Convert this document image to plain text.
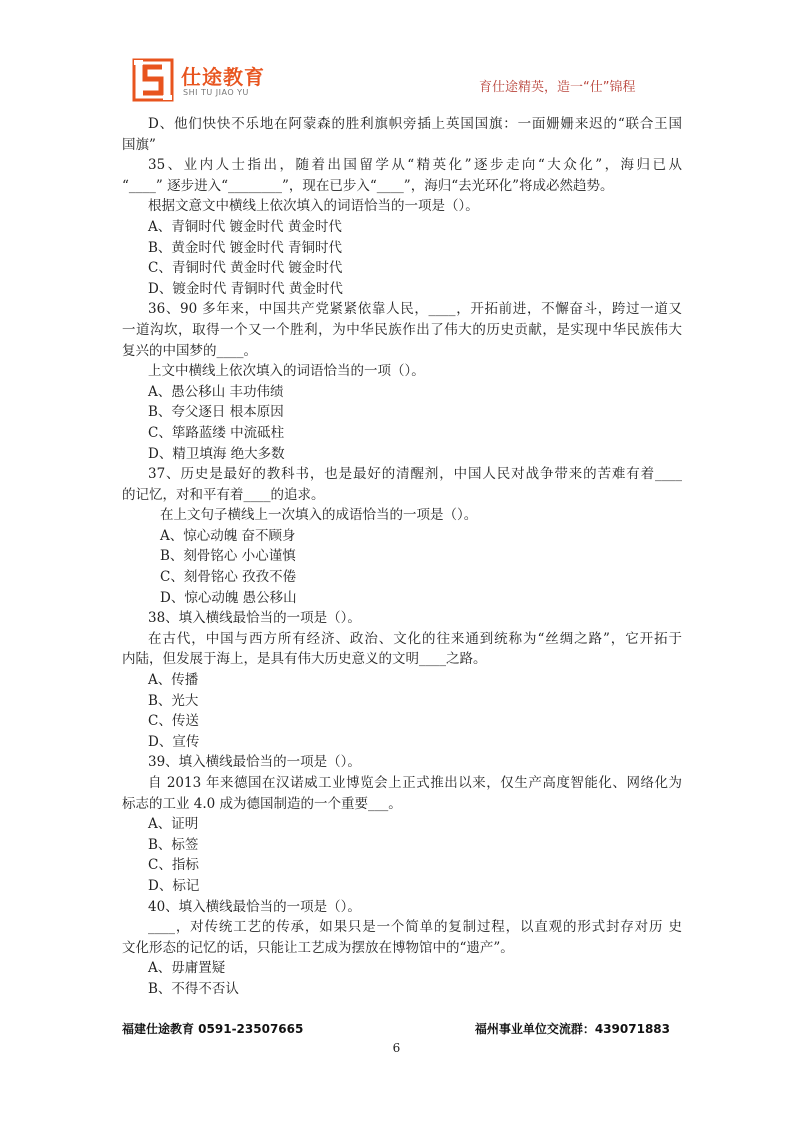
仕途教育
SHI TU JIAO YU	育仕途精英，造一“仕”锦程
D、他们快快不乐地在阿蒙森的胜利旗帜旁插上英国国旗：一面姗姗来迟的“联合王国
国旗”
35、业内人士指出，随着出国留学从“精英化”逐步走向“大众化”，海归已从
“____” 逐步进入“________”，现在已步入“____”，海归“去光环化”将成必然趋势。
根据文意文中横线上依次填入的词语恰当的一项是（）。
A、青铜时代 镀金时代 黄金时代
B、黄金时代 镀金时代 青铜时代
C、青铜时代 黄金时代 镀金时代
D、镀金时代 青铜时代 黄金时代
36、90 多年来，中国共产党紧紧依靠人民，____，开拓前进，不懈奋斗，跨过一道又
一道沟坎，取得一个又一个胜利，为中华民族作出了伟大的历史贡献，是实现中华民族伟大
复兴的中国梦的____。
上文中横线上依次填入的词语恰当的一项（）。
A、愚公移山 丰功伟绩
B、夸父逐日 根本原因
C、筚路蓝缕 中流砥柱
D、精卫填海 绝大多数
37、历史是最好的教科书，也是最好的清醒剂，中国人民对战争带来的苦难有着____
的记忆，对和平有着____的追求。
在上文句子横线上一次填入的成语恰当的一项是（）。
A、惊心动魄 奋不顾身
B、刻骨铭心 小心谨慎
C、刻骨铭心 孜孜不倦
D、惊心动魄 愚公移山
38、填入横线最恰当的一项是（）。
在古代，中国与西方所有经济、政治、文化的往来通到统称为“丝绸之路”，它开拓于
内陆，但发展于海上，是具有伟大历史意义的文明____之路。
A、传播
B、光大
C、传送
D、宣传
39、填入横线最恰当的一项是（）。
自 2013 年来德国在汉诺威工业博览会上正式推出以来，仅生产高度智能化、网络化为
标志的工业 4.0 成为德国制造的一个重要___。
A、证明
B、标签
C、指标
D、标记
40、填入横线最恰当的一项是（）。
____，对传统工艺的传承，如果只是一个简单的复制过程，以直观的形式封存对历 史
文化形态的记忆的话，只能让工艺成为摆放在博物馆中的“遗产”。
A、毋庸置疑
B、不得不否认
福建仕途教育 0591-23507665	福州事业单位交流群：439071883
6
